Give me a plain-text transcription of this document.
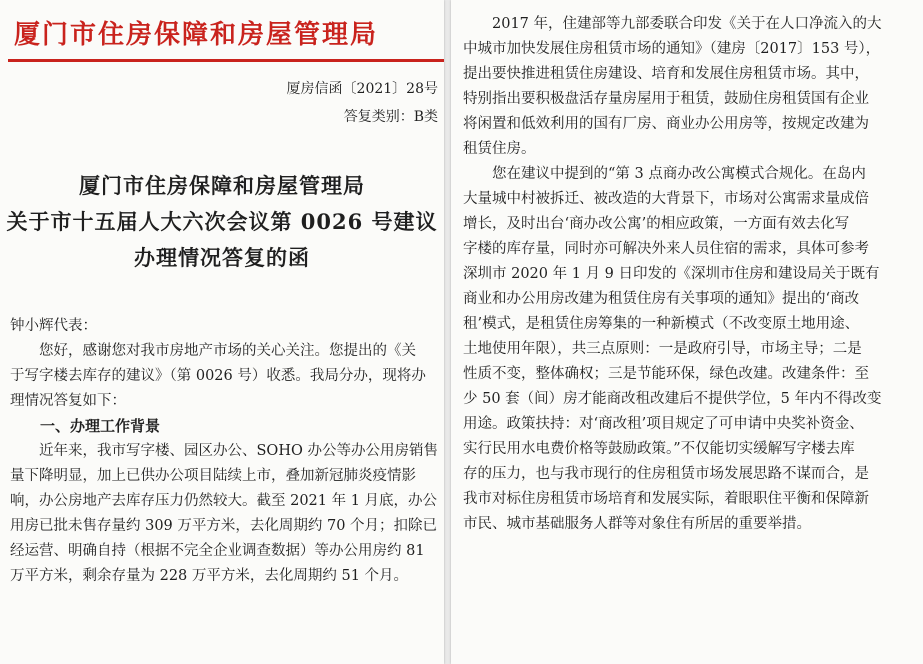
厦门市住房保障和房屋管理局
厦房信函〔2021〕28号
答复类别：B类
厦门市住房保障和房屋管理局
关于市十五届人大六次会议第 0026 号建议
办理情况答复的函
钟小辉代表：
　　您好，感谢您对我市房地产市场的关心关注。您提出的《关
于写字楼去库存的建议》（第 0026 号）收悉。我局分办，现将办
理情况答复如下：
　　一、办理工作背景
　　近年来，我市写字楼、园区办公、SOHO 办公等办公用房销售
量下降明显，加上已供办公项目陆续上市，叠加新冠肺炎疫情影
响，办公房地产去库存压力仍然较大。截至 2021 年 1 月底，办公
用房已批未售存量约 309 万平方米，去化周期约 70 个月；扣除已
经运营、明确自持（根据不完全企业调查数据）等办公用房约 81
万平方米，剩余存量为 228 万平方米，去化周期约 51 个月。
　　2017 年，住建部等九部委联合印发《关于在人口净流入的大
中城市加快发展住房租赁市场的通知》（建房〔2017〕153 号），
提出要快推进租赁住房建设、培育和发展住房租赁市场。其中，
特别指出要积极盘活存量房屋用于租赁，鼓励住房租赁国有企业
将闲置和低效利用的国有厂房、商业办公用房等，按规定改建为
租赁住房。
　　您在建议中提到的“第 3 点商办改公寓模式合规化。在岛内
大量城中村被拆迁、被改造的大背景下，市场对公寓需求量成倍
增长，及时出台‘商办改公寓’的相应政策，一方面有效去化写
字楼的库存量，同时亦可解决外来人员住宿的需求，具体可参考
深圳市 2020 年 1 月 9 日印发的《深圳市住房和建设局关于既有
商业和办公用房改建为租赁住房有关事项的通知》提出的‘商改
租’模式，是租赁住房筹集的一种新模式（不改变原土地用途、
土地使用年限），共三点原则：一是政府引导，市场主导；二是
性质不变，整体确权；三是节能环保，绿色改建。改建条件：至
少 50 套（间）房才能商改租改建后不提供学位，5 年内不得改变
用途。政策扶持：对‘商改租’项目规定了可申请中央奖补资金、
实行民用水电费价格等鼓励政策。”不仅能切实缓解写字楼去库
存的压力，也与我市现行的住房租赁市场发展思路不谋而合，是
我市对标住房租赁市场培育和发展实际，着眼职住平衡和保障新
市民、城市基础服务人群等对象住有所居的重要举措。
